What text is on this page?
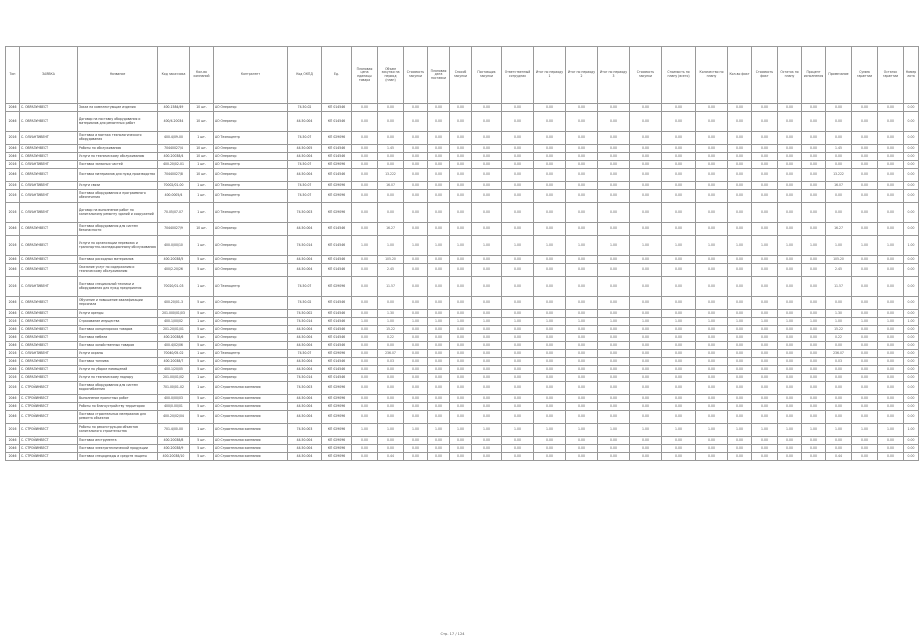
Тип	ЗАЯВКА	Название	Код заказчика	Кол-во компаний	Контрагент	Код ОКПД	Ед.	Плановая цена единицы товара	Объем закупки на период (план)	Стоимость закупки	Плановая дата поставки	Способ закупки	Поставщик закупки	Ответственный сотрудник	Итог по периоду 1	Итог по периоду 2	Итог по периоду 3	Стоимость закупки	Стоимость по плану (всего)	Количество по плану	Кол-во факт	Стоимость факт	Остаток по плану	Процент исполнения	Примечание	Сумма гарантии	Остаток гарантии	Номер лота
2046	С. ОВРАЗУНВЕСТ	Заказ на комплектующие изделия	400.1584/49	10 шт.	АО Оператор	74.50.02	КП 014546	0.00	0.00	0.00	0.00	0.00	0.00	0.00	0.00	0.00	0.00	0.00	0.00	0.00	0.00	0.00	0.00	0.00	0.00	0.00	0.00	0.00
2046	С. ОВРАЗУНВЕСТ	Договор на поставку оборудования и материалов для ремонтных работ	400/4.20034	10 шт.	АО Оператор	44.50.004	КП 014546	0.00	0.00	0.00	0.00	0.00	0.00	0.00	0.00	0.00	0.00	0.00	0.00	0.00	0.00	0.00	0.00	0.00	0.00	0.00	0.00	0.00
2016	С. ОЛУАНТИВЕНТ	Поставка и монтаж технологического оборудования	400.4/09-00	1 шт.	АО Техноцентр	74.50.07	КП 029096	0.00	0.00	0.00	0.00	0.00	0.00	0.00	0.00	0.00	0.00	0.00	0.00	0.00	0.00	0.00	0.00	0.00	0.00	0.00	0.00	0.00
2046	С. ОВРАЗУНВЕСТ	Работы по обслуживанию	70440027/4	10 шт.	АО Оператор	44.50.005	КП 014546	0.00	1.45	0.00	0.00	0.00	0.00	0.00	0.00	0.00	0.00	0.00	0.00	0.00	0.00	0.00	0.00	0.00	1.45	0.00	0.00	0.00
2046	С. ОВРАЗУНВЕСТ	Услуги по техническому обслуживанию	400.20038/4	10 шт.	АО Оператор	44.50.004	КП 014546	0.00	0.00	0.00	0.00	0.00	0.00	0.00	0.00	0.00	0.00	0.00	0.00	0.00	0.00	0.00	0.00	0.00	0.00	0.00	0.00	0.00
2016	С. ОЛУАНТИВЕНТ	Поставка запасных частей	400.20/02-01	1 шт.	АО Техноцентр	74.50.07	КП 029096	0.00	0.00	0.00	0.00	0.00	0.00	0.00	0.00	0.00	0.00	0.00	0.00	0.00	0.00	0.00	0.00	0.00	0.00	0.00	0.00	0.00
2046	С. ОВРАЗУНВЕСТ	Поставка материалов для нужд производства	70440027/8	10 шт.	АО Оператор	44.50.004	КП 014546	0.00	13.222	0.00	0.00	0.00	0.00	0.00	0.00	0.00	0.00	0.00	0.00	0.00	0.00	0.00	0.00	0.00	13.222	0.00	0.00	0.00
2016	С. ОЛУАНТИВЕНТ	Услуги связи	70002/01-00	1 шт.	АО Техноцентр	74.50.07	КП 029096	0.00	16.07	0.00	0.00	0.00	0.00	0.00	0.00	0.00	0.00	0.00	0.00	0.00	0.00	0.00	0.00	0.00	16.07	0.00	0.00	0.00
2016	С. ОЛУАНТИВЕНТ	Поставка оборудования и программного обеспечения	400.0005/4	1 шт.	АО Техноцентр	74.50.07	КП 029096	0.00	0.00	0.00	0.00	0.00	0.00	0.00	0.00	0.00	0.00	0.00	0.00	0.00	0.00	0.00	0.00	0.00	0.00	0.00	0.00	0.00
2016	С. ОЛУАНТИВЕНТ	Договор на выполнение работ по капитальному ремонту зданий и сооружений	70.05/07-07	1 шт.	АО Техноцентр	74.50.003	КП 029096	0.00	0.00	0.00	0.00	0.00	0.00	0.00	0.00	0.00	0.00	0.00	0.00	0.00	0.00	0.00	0.00	0.00	0.00	0.00	0.00	0.00
2046	С. ОВРАЗУНВЕСТ	Поставка оборудования для систем безопасности	70440027/9	10 шт.	АО Оператор	44.50.004	КП 014546	0.00	16.27	0.00	0.00	0.00	0.00	0.00	0.00	0.00	0.00	0.00	0.00	0.00	0.00	0.00	0.00	0.00	16.27	0.00	0.00	0.00
2016	С. ОВРАЗУНВЕСТ	Услуги по организации перевозок и транспортно-экспедиционному обслуживанию	400.0/00/10	1 шт.	АО Оператор	74.50.014	КП 014546	1.00	1.00	1.00	1.00	1.00	1.00	1.00	1.00	1.00	1.00	1.00	1.00	1.00	1.00	1.00	1.00	1.00	1.00	1.00	1.00	1.00
2046	С. ОВРАЗУНВЕСТ	Поставка расходных материалов	400.20038/5	5 шт.	АО Оператор	44.50.004	КП 014546	0.00	105.20	0.00	0.00	0.00	0.00	0.00	0.00	0.00	0.00	0.00	0.00	0.00	0.00	0.00	0.00	0.00	105.20	0.00	0.00	0.00
2046	С. ОВРАЗУНВЕСТ	Оказание услуг по содержанию и техническому обслуживанию	400/2.20/26	5 шт.	АО Оператор	44.50.004	КП 014546	0.00	2.45	0.00	0.00	0.00	0.00	0.00	0.00	0.00	0.00	0.00	0.00	0.00	0.00	0.00	0.00	0.00	2.45	0.00	0.00	0.00
2016	С. ОЛУАНТИВЕНТ	Поставка специальной техники и оборудования для нужд предприятия	70020/01-03	1 шт.	АО Техноцентр	74.50.07	КП 029096	0.00	11.57	0.00	0.00	0.00	0.00	0.00	0.00	0.00	0.00	0.00	0.00	0.00	0.00	0.00	0.00	0.00	11.57	0.00	0.00	0.00
2046	С. ОВРАЗУНВЕСТ	Обучение и повышение квалификации персонала	400.20/01-3	5 шт.	АО Оператор	74.50.02	КП 014546	0.00	0.00	0.00	0.00	0.00	0.00	0.00	0.00	0.00	0.00	0.00	0.00	0.00	0.00	0.00	0.00	0.00	0.00	0.00	0.00	0.00
2046	С. ОВРАЗУНВЕСТ	Услуги аренды	201.000/01/03	5 шт.	АО Оператор	74.50.002	КП 014546	0.00	1.30	0.00	0.00	0.00	0.00	0.00	0.00	0.00	0.00	0.00	0.00	0.00	0.00	0.00	0.00	0.00	1.30	0.00	0.00	0.00
2016	С. ОВРАЗУНВЕСТ	Страхование имущества	400.1/00/02	1 шт.	АО Оператор	74.50.014	КП 014546	1.00	1.00	1.00	1.00	1.00	1.00	1.00	1.00	1.00	1.00	1.00	1.00	1.00	1.00	1.00	1.00	1.00	1.00	1.00	1.00	1.00
2046	С. ОВРАЗУНВЕСТ	Поставка канцелярских товаров	201.20/01/01	5 шт.	АО Оператор	44.50.004	КП 014546	0.00	15.22	0.00	0.00	0.00	0.00	0.00	0.00	0.00	0.00	0.00	0.00	0.00	0.00	0.00	0.00	0.00	15.22	0.00	0.00	0.00
2046	С. ОВРАЗУНВЕСТ	Поставка мебели	400.20038/6	5 шт.	АО Оператор	44.50.004	КП 014546	0.00	0.22	0.00	0.00	0.00	0.00	0.00	0.00	0.00	0.00	0.00	0.00	0.00	0.00	0.00	0.00	0.00	0.22	0.00	0.00	0.00
2046	С. ОВРАЗУНВЕСТ	Поставка хозяйственных товаров	400.4/02/06	5 шт.	АО Оператор	44.50.004	КП 014546	0.00	0.00	0.00	0.00	0.00	0.00	0.00	0.00	0.00	0.00	0.00	0.00	0.00	0.00	0.00	0.00	0.00	0.00	0.00	0.00	0.00
2016	С. ОЛУАНТИВЕНТ	Услуги охраны	70040/05-02	1 шт.	АО Техноцентр	74.50.07	КП 029096	0.00	236.07	0.00	0.00	0.00	0.00	0.00	0.00	0.00	0.00	0.00	0.00	0.00	0.00	0.00	0.00	0.00	236.07	0.00	0.00	0.00
2046	С. ОВРАЗУНВЕСТ	Поставка топлива	400.20038/7	5 шт.	АО Оператор	44.50.004	КП 014546	0.00	0.03	0.00	0.00	0.00	0.00	0.00	0.00	0.00	0.00	0.00	0.00	0.00	0.00	0.00	0.00	0.00	0.03	0.00	0.00	0.00
2046	С. ОВРАЗУНВЕСТ	Услуги по уборке помещений	400.1/20/05	5 шт.	АО Оператор	44.50.004	КП 014546	0.00	0.00	0.00	0.00	0.00	0.00	0.00	0.00	0.00	0.00	0.00	0.00	0.00	0.00	0.00	0.00	0.00	0.00	0.00	0.00	0.00
2016	С. ОВРАЗУНВЕСТ	Услуги по техническому надзору	201.00/01/02	1 шт.	АО Оператор	74.50.014	КП 014546	0.00	0.00	0.00	0.00	0.00	0.00	0.00	0.00	0.00	0.00	0.00	0.00	0.00	0.00	0.00	0.00	0.00	0.00	0.00	0.00	0.00
2016	С. СТРОЙИНВЕСТ	Поставка оборудования для систем водоснабжения	701.00/01-02	1 шт.	АО Строительная компания	74.50.003	КП 029096	0.00	0.00	0.00	0.00	0.00	0.00	0.00	0.00	0.00	0.00	0.00	0.00	0.00	0.00	0.00	0.00	0.00	0.00	0.00	0.00	0.00
2046	С. СТРОЙИНВЕСТ	Выполнение проектных работ	400.0/00/03	5 шт.	АО Строительная компания	44.50.004	КП 029096	0.00	0.00	0.00	0.00	0.00	0.00	0.00	0.00	0.00	0.00	0.00	0.00	0.00	0.00	0.00	0.00	0.00	0.00	0.00	0.00	0.00
2046	С. СТРОЙИНВЕСТ	Работы по благоустройству территории	400/0.00/01	5 шт.	АО Строительная компания	44.50.004	КП 029096	0.00	0.00	0.00	0.00	0.00	0.00	0.00	0.00	0.00	0.00	0.00	0.00	0.00	0.00	0.00	0.00	0.00	0.00	0.00	0.00	0.00
2046	С. СТРОЙИНВЕСТ	Поставка строительных материалов для ремонта объектов	400.20/02/04	5 шт.	АО Строительная компания	44.50.004	КП 029096	0.00	0.00	0.00	0.00	0.00	0.00	0.00	0.00	0.00	0.00	0.00	0.00	0.00	0.00	0.00	0.00	0.00	0.00	0.00	0.00	0.00
2016	С. СТРОЙИНВЕСТ	Работы по реконструкции объектов капитального строительства	701.4/00-00	1 шт.	АО Строительная компания	74.50.003	КП 029096	1.00	1.00	1.00	1.00	1.00	1.00	1.00	1.00	1.00	1.00	1.00	1.00	1.00	1.00	1.00	1.00	1.00	1.00	1.00	1.00	1.00
2046	С. СТРОЙИНВЕСТ	Поставка инструмента	400.20038/8	5 шт.	АО Строительная компания	44.50.004	КП 029096	0.00	0.00	0.00	0.00	0.00	0.00	0.00	0.00	0.00	0.00	0.00	0.00	0.00	0.00	0.00	0.00	0.00	0.00	0.00	0.00	0.00
2046	С. СТРОЙИНВЕСТ	Поставка электротехнической продукции	400.20038/9	5 шт.	АО Строительная компания	44.50.004	КП 029096	0.00	0.00	0.00	0.00	0.00	0.00	0.00	0.00	0.00	0.00	0.00	0.00	0.00	0.00	0.00	0.00	0.00	0.00	0.00	0.00	0.00
2046	С. СТРОЙИНВЕСТ	Поставка спецодежды и средств защиты	400.20038/10	5 шт.	АО Строительная компания	44.50.004	КП 029096	0.00	0.44	0.00	0.00	0.00	0.00	0.00	0.00	0.00	0.00	0.00	0.00	0.00	0.00	0.00	0.00	0.00	0.44	0.00	0.00	0.00
Стр. 17 / 124
